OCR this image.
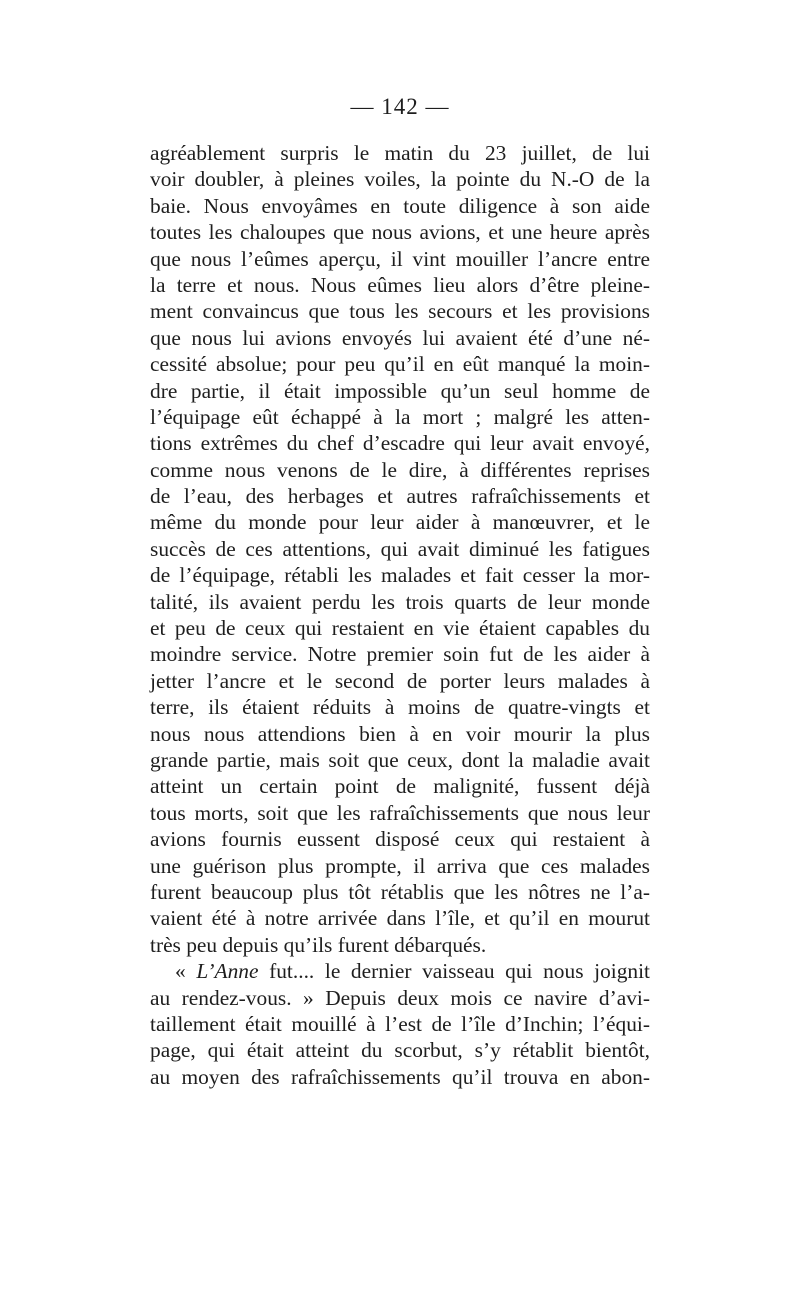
— 142 —
agréablement surpris le matin du 23 juillet, de lui
voir doubler, à pleines voiles, la pointe du N.-O de la
baie. Nous envoyâmes en toute diligence à son aide
toutes les chaloupes que nous avions, et une heure après
que nous l’eûmes aperçu, il vint mouiller l’ancre entre
la terre et nous. Nous eûmes lieu alors d’être pleine-
ment convaincus que tous les secours et les provisions
que nous lui avions envoyés lui avaient été d’une né-
cessité absolue; pour peu qu’il en eût manqué la moin-
dre partie, il était impossible qu’un seul homme de
l’équipage eût échappé à la mort ; malgré les atten-
tions extrêmes du chef d’escadre qui leur avait envoyé,
comme nous venons de le dire, à différentes reprises
de l’eau, des herbages et autres rafraîchissements et
même du monde pour leur aider à manœuvrer, et le
succès de ces attentions, qui avait diminué les fatigues
de l’équipage, rétabli les malades et fait cesser la mor-
talité, ils avaient perdu les trois quarts de leur monde
et peu de ceux qui restaient en vie étaient capables du
moindre service. Notre premier soin fut de les aider à
jetter l’ancre et le second de porter leurs malades à
terre, ils étaient réduits à moins de quatre-vingts et
nous nous attendions bien à en voir mourir la plus
grande partie, mais soit que ceux, dont la maladie avait
atteint un certain point de malignité, fussent déjà
tous morts, soit que les rafraîchissements que nous leur
avions fournis eussent disposé ceux qui restaient à
une guérison plus prompte, il arriva que ces malades
furent beaucoup plus tôt rétablis que les nôtres ne l’a-
vaient été à notre arrivée dans l’île, et qu’il en mourut
très peu depuis qu’ils furent débarqués.
« L’Anne fut.... le dernier vaisseau qui nous joignit
au rendez-vous. » Depuis deux mois ce navire d’avi-
taillement était mouillé à l’est de l’île d’Inchin; l’équi-
page, qui était atteint du scorbut, s’y rétablit bientôt,
au moyen des rafraîchissements qu’il trouva en abon-
